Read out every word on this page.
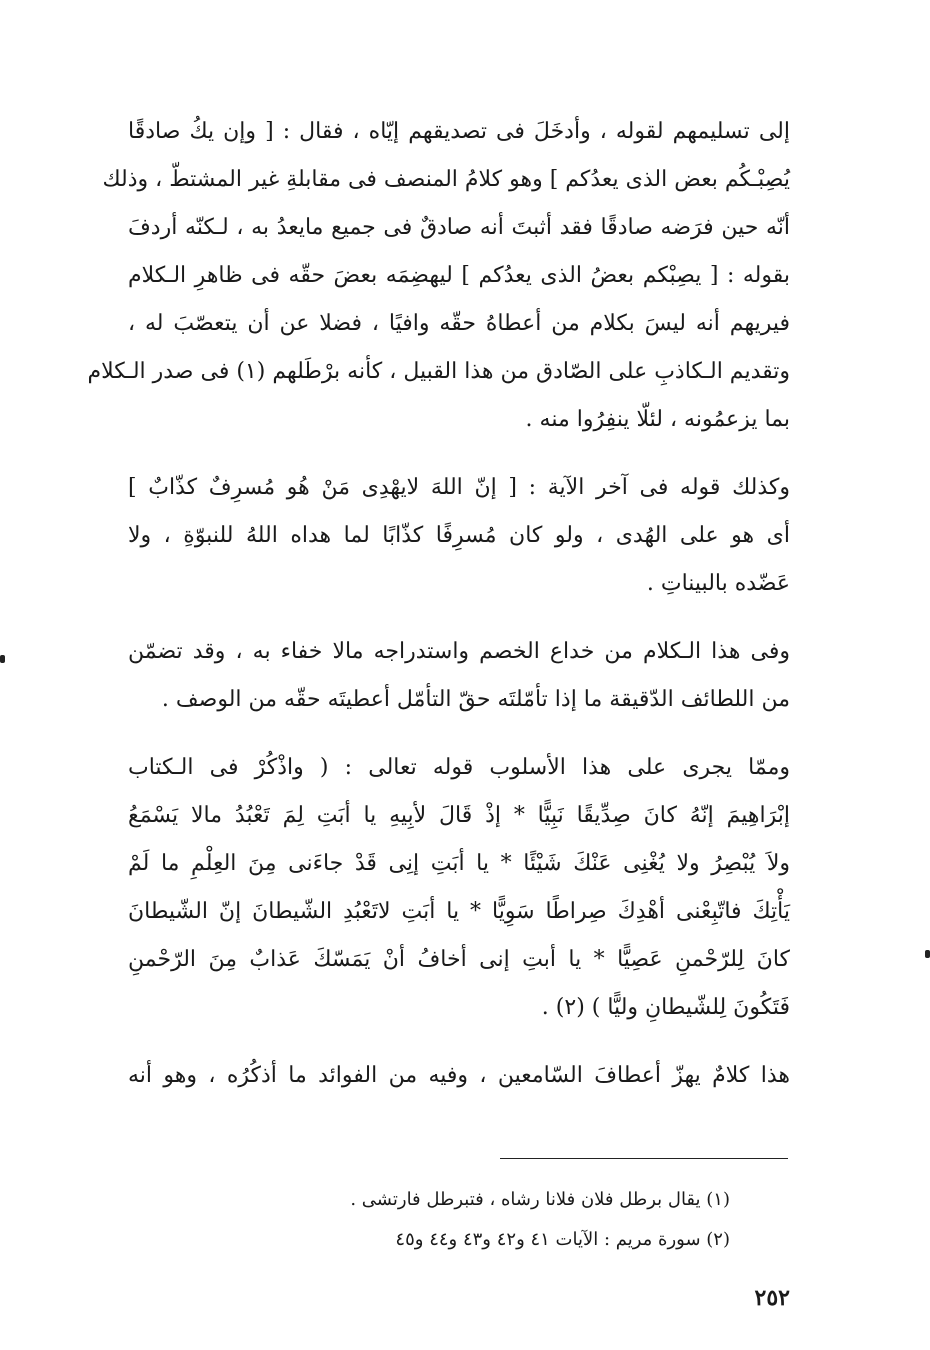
إلى تسليمهم لقوله ، وأدخَلَ فى تصديقهم إيّاه ، فقال : [ وإن يكُ صادقًا
يُصِبْـكُم بعض الذى يعدُكم ] وهو كلامُ المنصف فى مقابلةِ غير المشتطّ ، وذلك
أنّه حين فرَضه صادقًا فقد أثبتَ أنه صادقٌ فى جميع مايعدُ به ، لـكنّه أردفَ
بقوله : [ يصِبْكم بعضُ الذى يعدُكم ] ليهضِمَه بعضَ حقّه فى ظاهرِ الـكلام
فيريهم أنه ليسَ بكلام من أعطاهُ حقّه وافيًا ، فضلا عن أن يتعصّبَ له ،
وتقديم الـكاذبِ على الصّادق من هذا القبيل ، كأنه برْطَلهم (١) فى صدر الـكلام
بما يزعمُونه ، لئلّا ينفِرُوا منه .
وكذلك قوله فى آخر الآية : [ إنّ اللهَ لايهْدِى مَنْ هُو مُسرِفٌ كذّابٌ ]
أى هو على الهُدى ، ولو كان مُسرِفًا كذّابًا لما هداه اللهُ للنبوّةِ ، ولا
عَضّده بالبيناتِ .
وفى هذا الـكلام من خداع الخصم واستدراجه مالا خفاء به ، وقد تضمّن
من اللطائف الدّقيقة ما إذا تأمّلتَه حقّ التأمّل أعطيتَه حقّه من الوصف .
وممّا يجرى على هذا الأسلوب قوله تعالى : ( واذْكُرْ فى الـكتاب
إبْرَاهِيمَ إنّهُ كانَ صِدِّيقًا نَبِيًّا * إذْ قَالَ لأبِيهِ يا أبَتِ لِمَ تَعْبُدُ مالا يَسْمَعُ
ولاَ يُبْصِرُ ولا يُغْنِى عَنْكَ شَيْئًا * يا أبَتِ إنِى قَدْ جاءَنى مِنَ العِلْمِ ما لَمْ
يَأْتِكَ فاتّبِعْنى أهْدِكَ صِراطًا سَوِيًّا * يا أبَتِ لاتَعْبُدِ الشّيطانَ إنّ الشّيطانَ
كانَ لِلرّحْمنِ عَصِيًّا * يا أبتِ إنى أخافُ أنْ يَمَسّكَ عَذابٌ مِنَ الرّحْمنِ
فَتَكُونَ لِلشّيطانِ وليًّا ) (٢) .
هذا كلامٌ يهزّ أعطافَ السّامعين ، وفيه من الفوائد ما أذكُرُه ، وهو أنه
(١) يقال برطل فلان فلانا رشاه ، فتبرطل فارتشى .
(٢) سورة مريم : الآيات ٤١ و٤٢ و٤٣ و٤٤ و٤٥
٢٥٢
